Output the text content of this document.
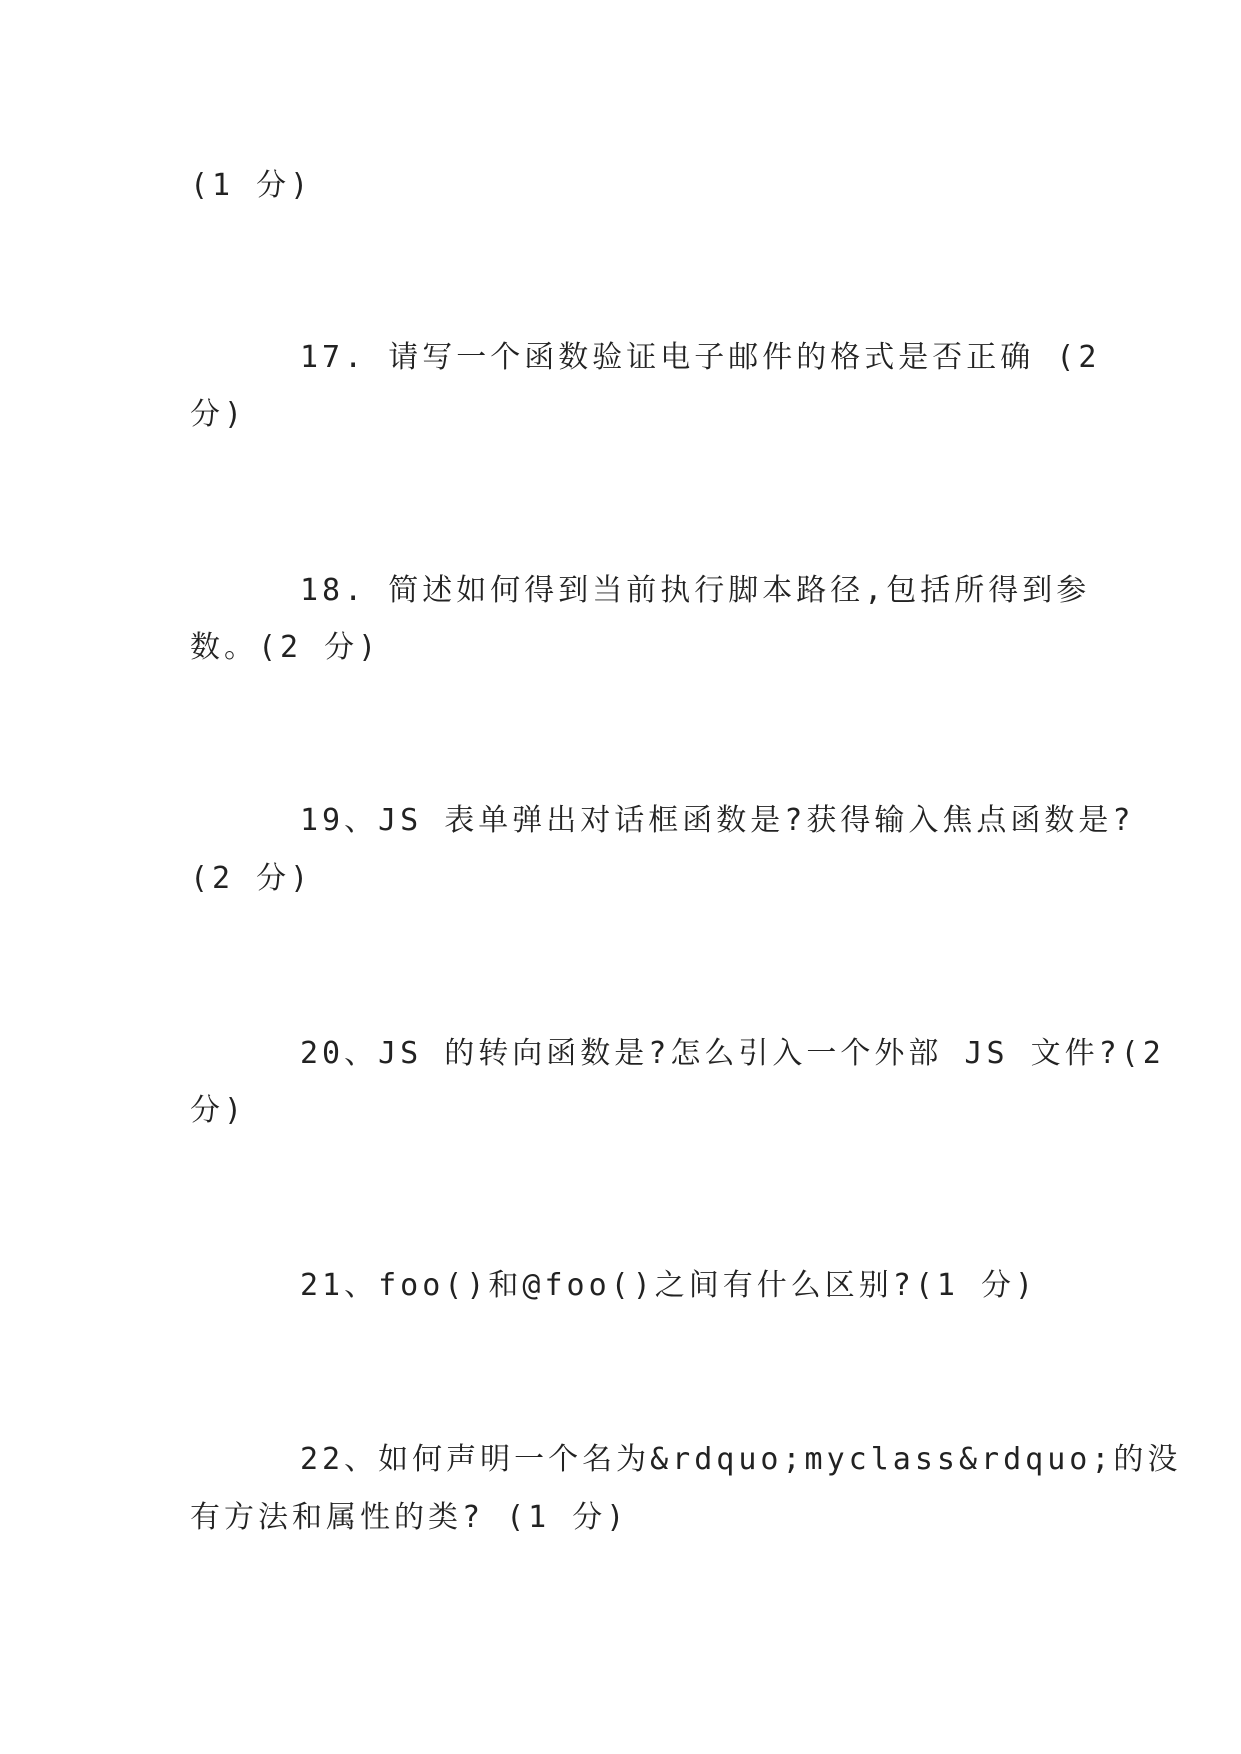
(1 分)
17. 请写一个函数验证电子邮件的格式是否正确 (2
分)
18. 简述如何得到当前执行脚本路径,包括所得到参
数。(2 分)
19、JS 表单弹出对话框函数是?获得输入焦点函数是?
(2 分)
20、JS 的转向函数是?怎么引入一个外部 JS 文件?(2
分)
21、foo()和@foo()之间有什么区别?(1 分)
22、如何声明一个名为&rdquo;myclass&rdquo;的没
有方法和属性的类? (1 分)
